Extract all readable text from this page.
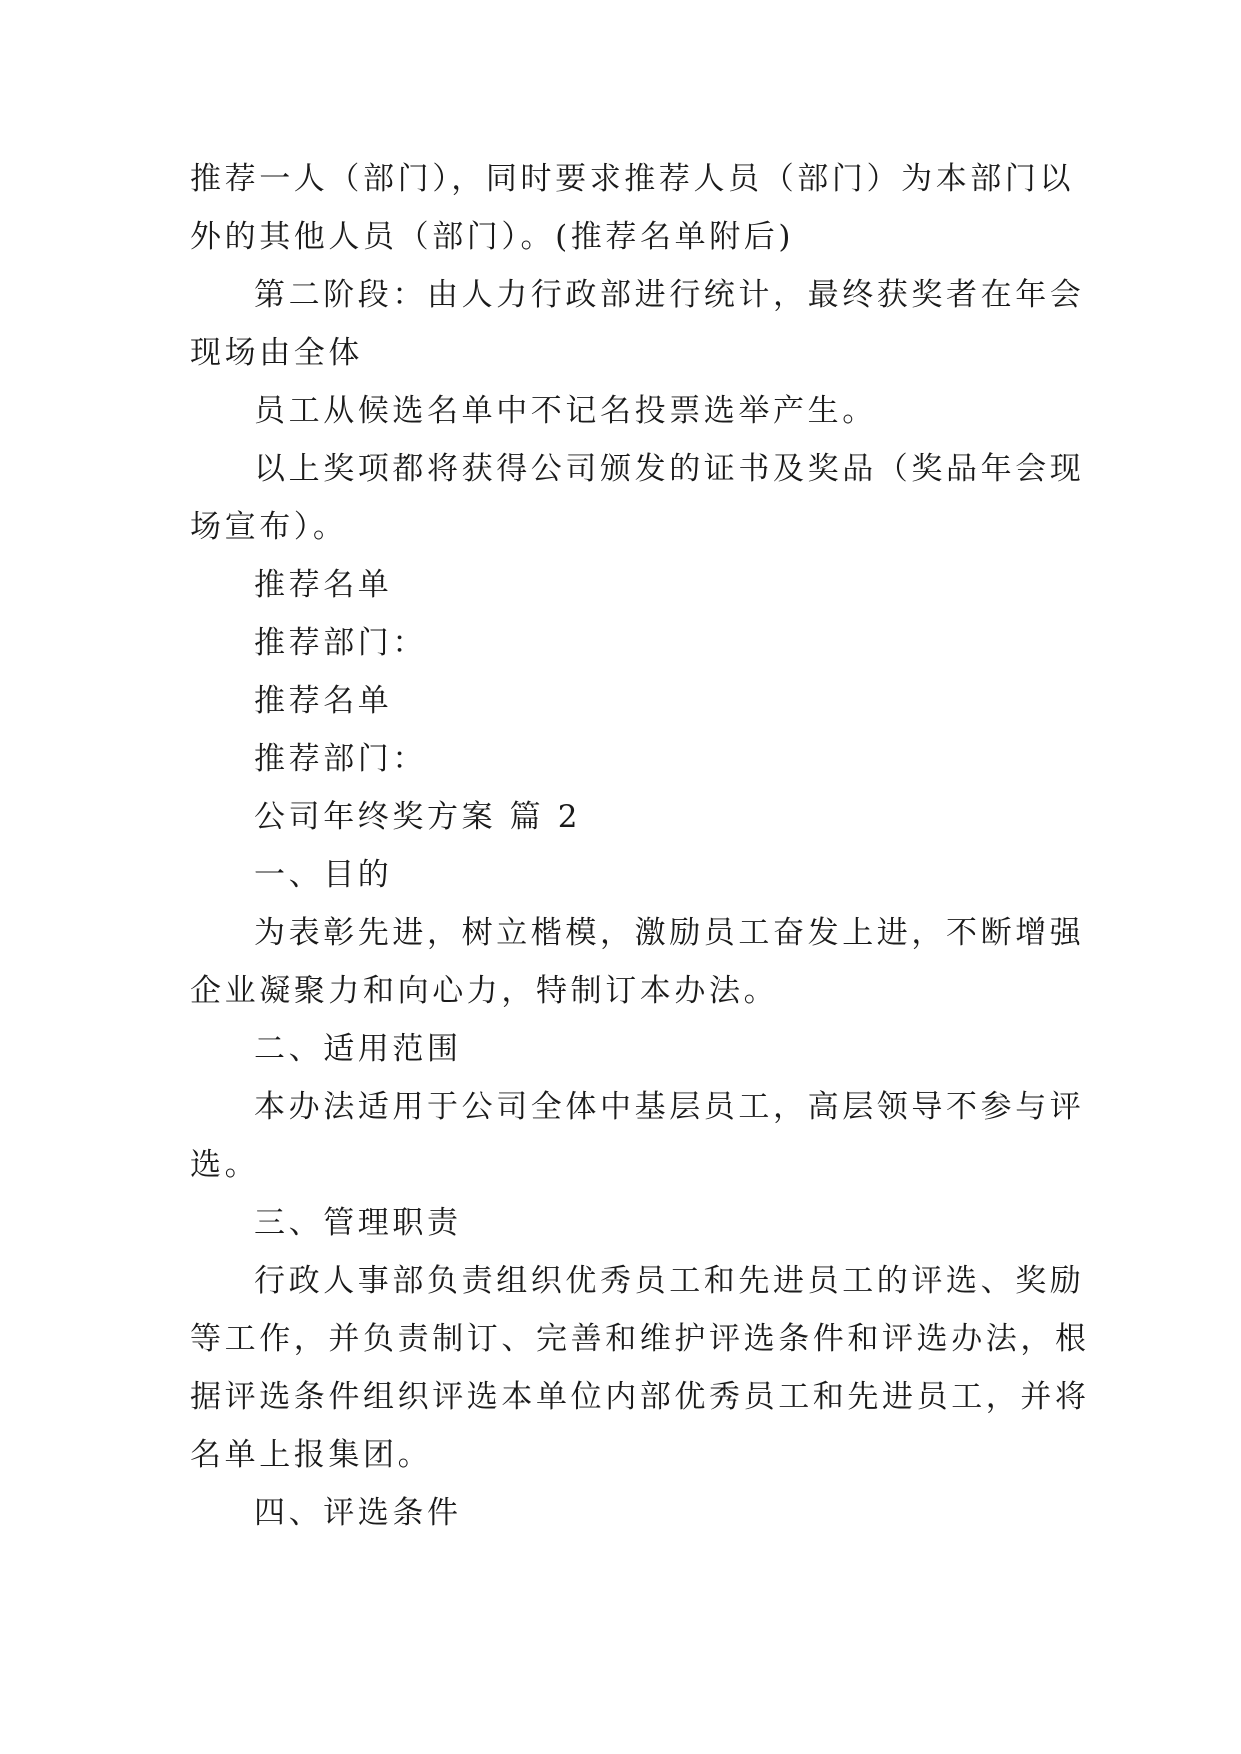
推荐一人（部门），同时要求推荐人员（部门）为本部门以
外的其他人员（部门）。(推荐名单附后)
第二阶段：由人力行政部进行统计，最终获奖者在年会
现场由全体
员工从候选名单中不记名投票选举产生。
以上奖项都将获得公司颁发的证书及奖品（奖品年会现
场宣布）。
推荐名单
推荐部门：
推荐名单
推荐部门：
公司年终奖方案 篇 2
一、目的
为表彰先进，树立楷模，激励员工奋发上进，不断增强
企业凝聚力和向心力，特制订本办法。
二、适用范围
本办法适用于公司全体中基层员工，高层领导不参与评
选。
三、管理职责
行政人事部负责组织优秀员工和先进员工的评选、奖励
等工作，并负责制订、完善和维护评选条件和评选办法，根
据评选条件组织评选本单位内部优秀员工和先进员工，并将
名单上报集团。
四、评选条件
